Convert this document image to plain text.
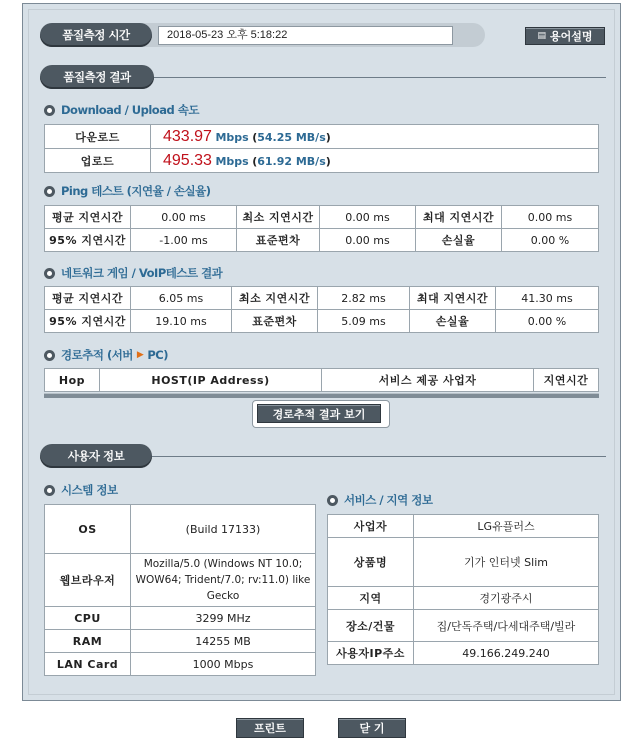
품질측정 시간	2018-05-23 오후 5:18:22	▤ 용어설명
품질측정 결과
Download / Upload 속도
다운로드	433.97 Mbps (54.25 MB/s)
업로드	495.33 Mbps (61.92 MB/s)
Ping 테스트 (지연율 / 손실율)
평균 지연시간	0.00 ms	최소 지연시간	0.00 ms	최대 지연시간	0.00 ms
95% 지연시간	-1.00 ms	표준편차	0.00 ms	손실율	0.00 %
네트워크 게임 / VoIP테스트 결과
평균 지연시간	6.05 ms	최소 지연시간	2.82 ms	최대 지연시간	41.30 ms
95% 지연시간	19.10 ms	표준편차	5.09 ms	손실율	0.00 %
경로추적 (서버 ▶ PC)
Hop	HOST(IP Address)	서비스 제공 사업자	지연시간
경로추적 결과 보기
사용자 정보
시스템 정보
OS	(Build 17133)
웹브라우저	Mozilla/5.0 (Windows NT 10.0; WOW64; Trident/7.0; rv:11.0) like Gecko
CPU	3299 MHz
RAM	14255 MB
LAN Card	1000 Mbps
서비스 / 지역 정보
사업자	LG유플러스
상품명	기가 인터넷 Slim
지역	경기광주시
장소/건물	집/단독주택/다세대주택/빌라
사용자IP주소	49.166.249.240
프린트	닫 기
